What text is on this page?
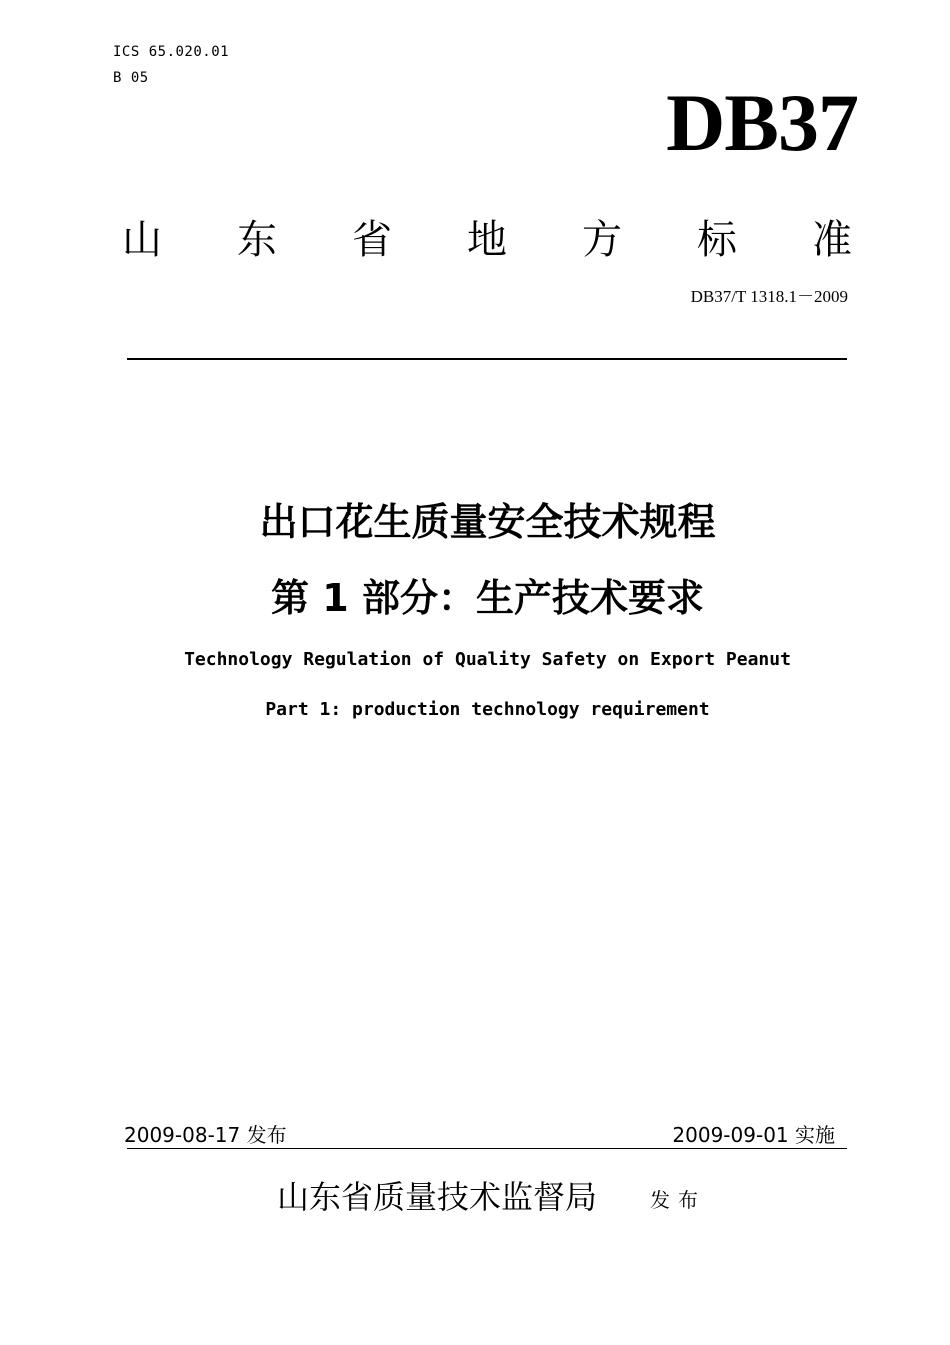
ICS 65.020.01
B 05	DB37
山 东 省 地 方 标 准
DB37/T 1318.1－2009
出口花生质量安全技术规程
第 1 部分：生产技术要求
Technology Regulation of Quality Safety on Export Peanut
Part 1: production technology requirement
2009-08-17 发布	2009-09-01 实施
山东省质量技术监督局	发布
